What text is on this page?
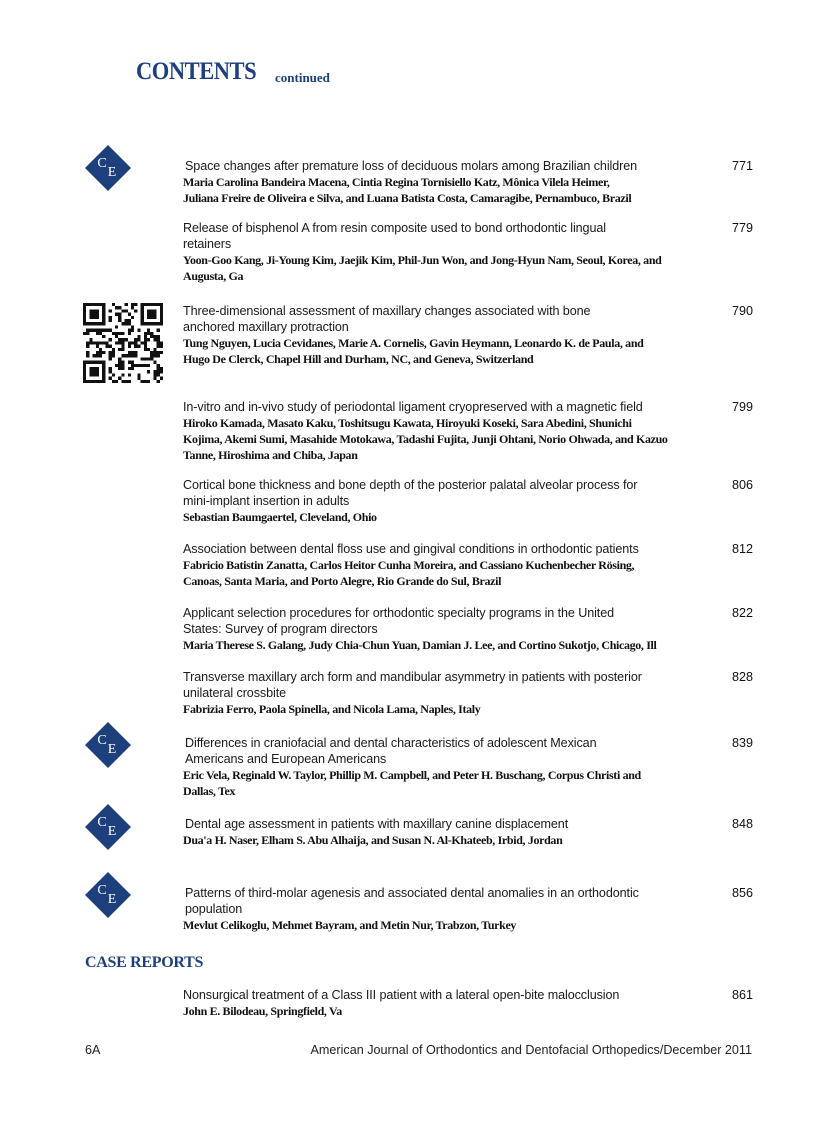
CONTENTS continued
Space changes after premature loss of deciduous molars among Brazilian children
Maria Carolina Bandeira Macena, Cintia Regina Tornisiello Katz, Mônica Vilela Heimer,
Juliana Freire de Oliveira e Silva, and Luana Batista Costa, Camaragibe, Pernambuco, Brazil
771
C
E
Release of bisphenol A from resin composite used to bond orthodontic lingual
retainers
Yoon-Goo Kang, Ji-Young Kim, Jaejik Kim, Phil-Jun Won, and Jong-Hyun Nam, Seoul, Korea, and
Augusta, Ga
779
Three-dimensional assessment of maxillary changes associated with bone
anchored maxillary protraction
Tung Nguyen, Lucia Cevidanes, Marie A. Cornelis, Gavin Heymann, Leonardo K. de Paula, and
Hugo De Clerck, Chapel Hill and Durham, NC, and Geneva, Switzerland
790
In-vitro and in-vivo study of periodontal ligament cryopreserved with a magnetic field
Hiroko Kamada, Masato Kaku, Toshitsugu Kawata, Hiroyuki Koseki, Sara Abedini, Shunichi
Kojima, Akemi Sumi, Masahide Motokawa, Tadashi Fujita, Junji Ohtani, Norio Ohwada, and Kazuo
Tanne, Hiroshima and Chiba, Japan
799
Cortical bone thickness and bone depth of the posterior palatal alveolar process for
mini-implant insertion in adults
Sebastian Baumgaertel, Cleveland, Ohio
806
Association between dental floss use and gingival conditions in orthodontic patients
Fabricio Batistin Zanatta, Carlos Heitor Cunha Moreira, and Cassiano Kuchenbecher Rösing,
Canoas, Santa Maria, and Porto Alegre, Rio Grande do Sul, Brazil
812
Applicant selection procedures for orthodontic specialty programs in the United
States: Survey of program directors
Maria Therese S. Galang, Judy Chia-Chun Yuan, Damian J. Lee, and Cortino Sukotjo, Chicago, Ill
822
Transverse maxillary arch form and mandibular asymmetry in patients with posterior
unilateral crossbite
Fabrizia Ferro, Paola Spinella, and Nicola Lama, Naples, Italy
828
Differences in craniofacial and dental characteristics of adolescent Mexican
Americans and European Americans
Eric Vela, Reginald W. Taylor, Phillip M. Campbell, and Peter H. Buschang, Corpus Christi and
Dallas, Tex
839
C
E
Dental age assessment in patients with maxillary canine displacement
Dua'a H. Naser, Elham S. Abu Alhaija, and Susan N. Al-Khateeb, Irbid, Jordan
848
C
E
Patterns of third-molar agenesis and associated dental anomalies in an orthodontic
population
Mevlut Celikoglu, Mehmet Bayram, and Metin Nur, Trabzon, Turkey
856
C
E
Nonsurgical treatment of a Class III patient with a lateral open-bite malocclusion
John E. Bilodeau, Springfield, Va
861
CASE REPORTS
6A	American Journal of Orthodontics and Dentofacial Orthopedics/December 2011
